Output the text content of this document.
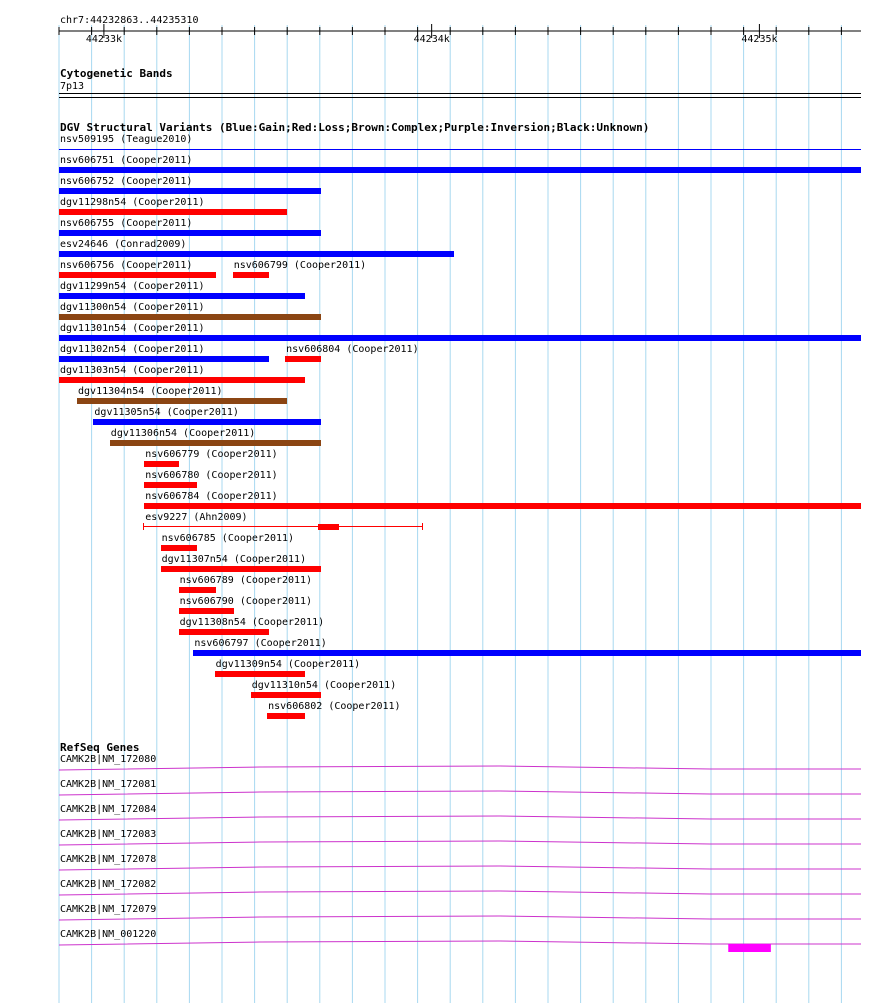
chr7:44232863..44235310
44233k	44234k	44235k
Cytogenetic Bands
7p13
DGV Structural Variants (Blue:Gain;Red:Loss;Brown:Complex;Purple:Inversion;Black:Unknown)
nsv509195 (Teague2010)
nsv606751 (Cooper2011)
nsv606752 (Cooper2011)
dgv11298n54 (Cooper2011)
nsv606755 (Cooper2011)
esv24646 (Conrad2009)
nsv606756 (Cooper2011)	nsv606799 (Cooper2011)
dgv11299n54 (Cooper2011)
dgv11300n54 (Cooper2011)
dgv11301n54 (Cooper2011)
dgv11302n54 (Cooper2011)	nsv606804 (Cooper2011)
dgv11303n54 (Cooper2011)
dgv11304n54 (Cooper2011)
dgv11305n54 (Cooper2011)
dgv11306n54 (Cooper2011)
nsv606779 (Cooper2011)
nsv606780 (Cooper2011)
nsv606784 (Cooper2011)
esv9227 (Ahn2009)
nsv606785 (Cooper2011)
dgv11307n54 (Cooper2011)
nsv606789 (Cooper2011)
nsv606790 (Cooper2011)
dgv11308n54 (Cooper2011)
nsv606797 (Cooper2011)
dgv11309n54 (Cooper2011)
dgv11310n54 (Cooper2011)
nsv606802 (Cooper2011)
RefSeq Genes
CAMK2B|NM_172080
CAMK2B|NM_172081
CAMK2B|NM_172084
CAMK2B|NM_172083
CAMK2B|NM_172078
CAMK2B|NM_172082
CAMK2B|NM_172079
CAMK2B|NM_001220
